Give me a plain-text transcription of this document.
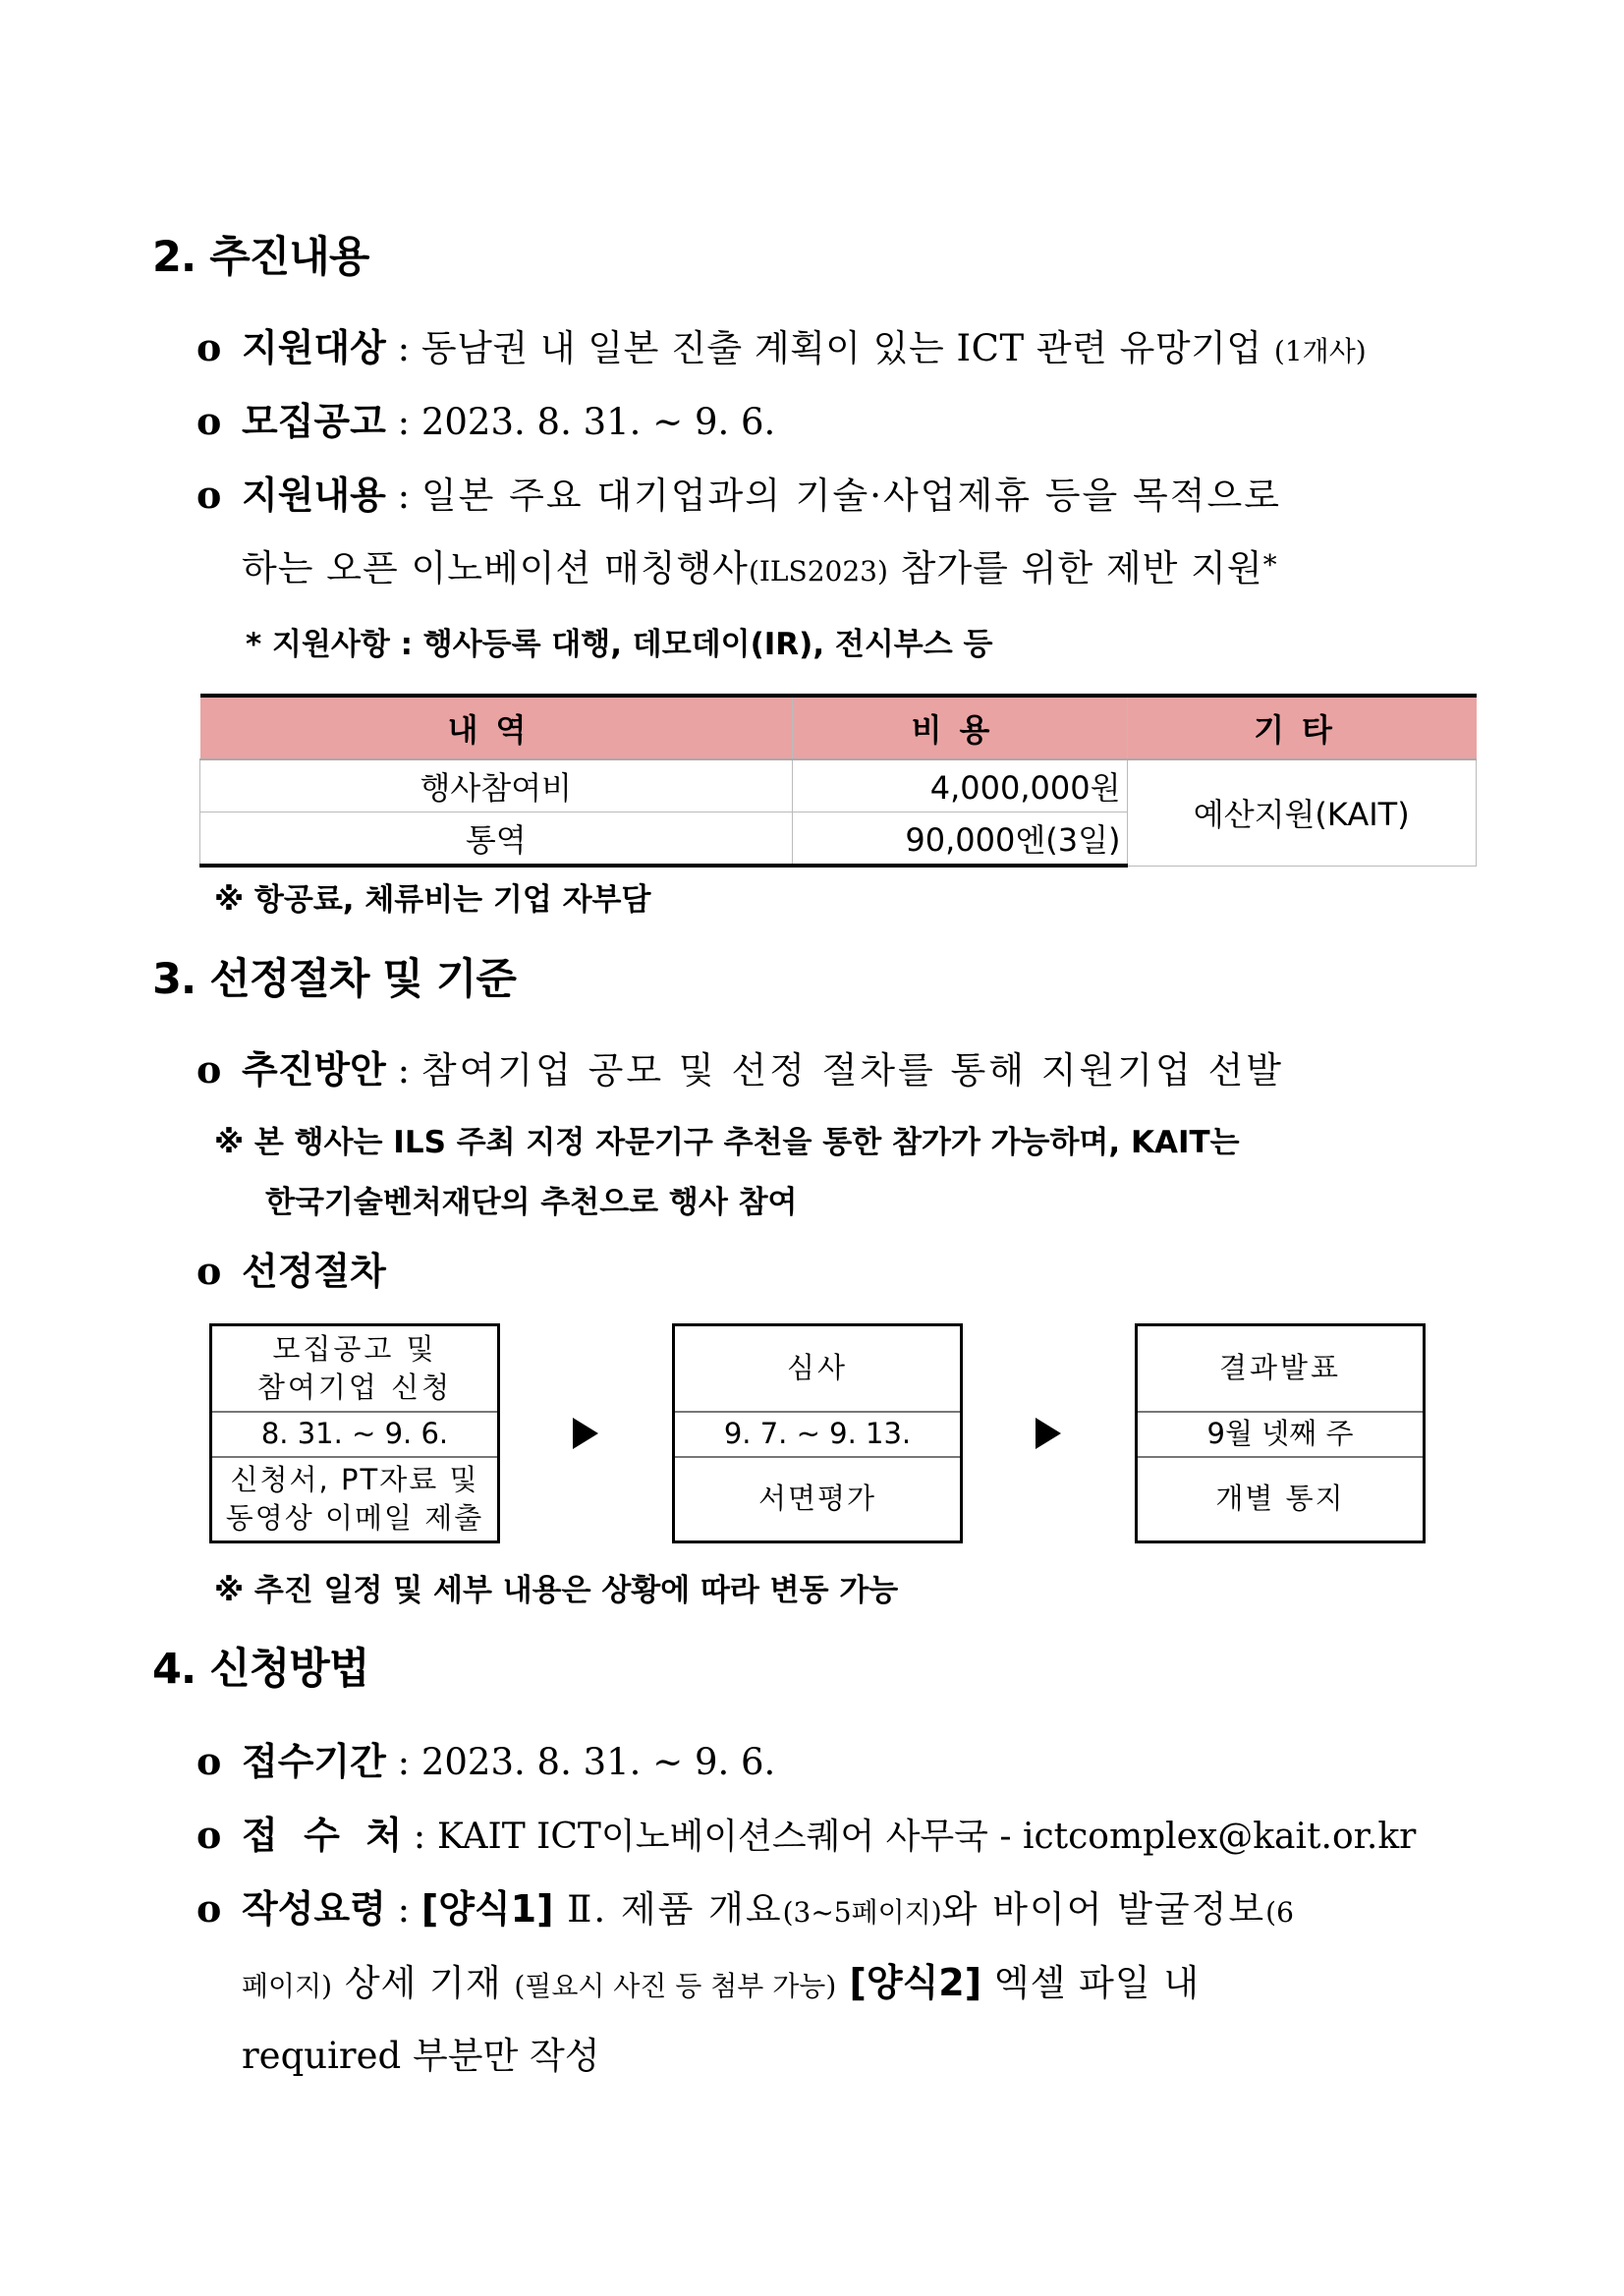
2. 추진내용
o 지원대상 : 동남권 내 일본 진출 계획이 있는 ICT 관련 유망기업 (1개사)
o 모집공고 : 2023. 8. 31. ~ 9. 6.
o 지원내용 : 일본 주요 대기업과의 기술·사업제휴 등을 목적으로
하는 오픈 이노베이션 매칭행사(ILS2023) 참가를 위한 제반 지원*
* 지원사항 : 행사등록 대행, 데모데이(IR), 전시부스 등
내역	비용	기타
행사참여비	4,000,000원	예산지원(KAIT)
통역	90,000엔(3일)	
※ 항공료, 체류비는 기업 자부담
3. 선정절차 및 기준
o 추진방안 : 참여기업 공모 및 선정 절차를 통해 지원기업 선발
※ 본 행사는 ILS 주최 지정 자문기구 추천을 통한 참가가 가능하며, KAIT는
한국기술벤처재단의 추천으로 행사 참여
o 선정절차
모집공고 및
참여기업 신청
8. 31. ~ 9. 6.
신청서, PT자료 및
동영상 이메일 제출
심사
9. 7. ~ 9. 13.
서면평가
결과발표
9월 넷째 주
개별 통지
※ 추진 일정 및 세부 내용은 상황에 따라 변동 가능
4. 신청방법
o 접수기간 : 2023. 8. 31. ~ 9. 6.
o 접  수  처 : KAIT ICT이노베이션스퀘어 사무국 - ictcomplex@kait.or.kr
o 작성요령 : [양식1] Ⅱ. 제품 개요(3~5페이지)와 바이어 발굴정보(6
페이지) 상세 기재 (필요시 사진 등 첨부 가능) [양식2] 엑셀 파일 내
required 부분만 작성
